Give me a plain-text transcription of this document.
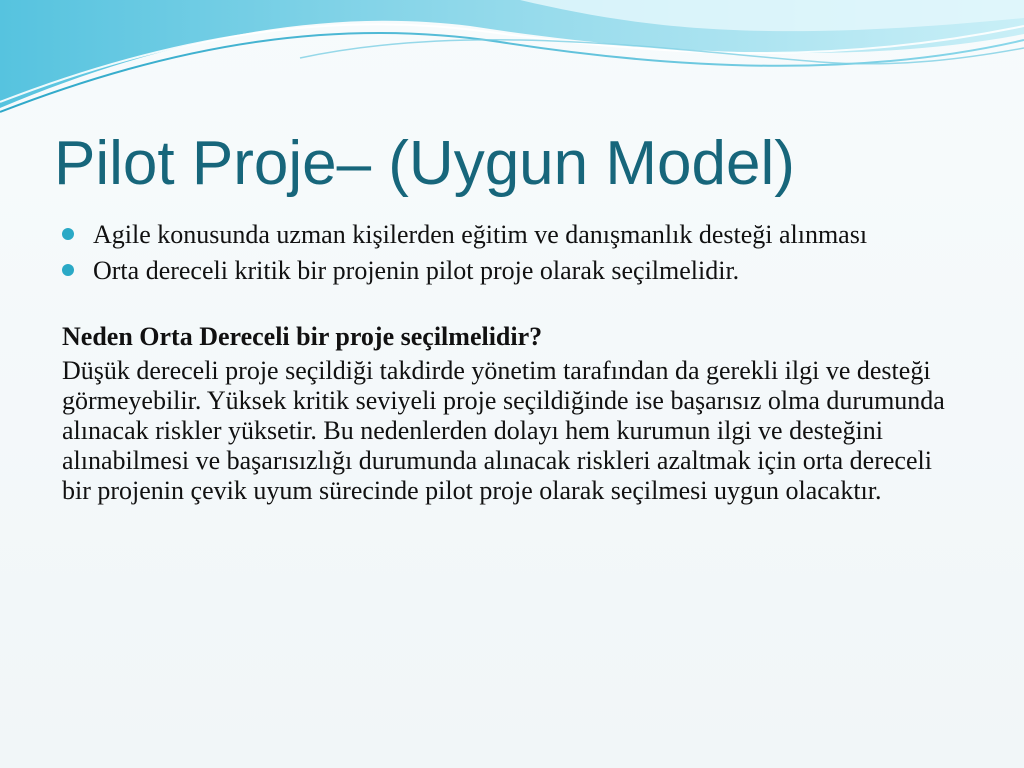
Pilot Proje– (Uygun Model)
Agile konusunda uzman kişilerden eğitim ve danışmanlık desteği alınması
Orta dereceli kritik bir projenin pilot proje olarak seçilmelidir.
Neden Orta Dereceli bir proje seçilmelidir?
Düşük dereceli proje seçildiği takdirde yönetim tarafından da gerekli ilgi ve desteği görmeyebilir. Yüksek kritik seviyeli proje seçildiğinde ise başarısız olma durumunda alınacak riskler yüksetir. Bu nedenlerden dolayı hem kurumun ilgi ve desteğini alınabilmesi ve başarısızlığı durumunda alınacak riskleri azaltmak için orta dereceli bir projenin çevik uyum sürecinde pilot proje olarak seçilmesi uygun olacaktır.
